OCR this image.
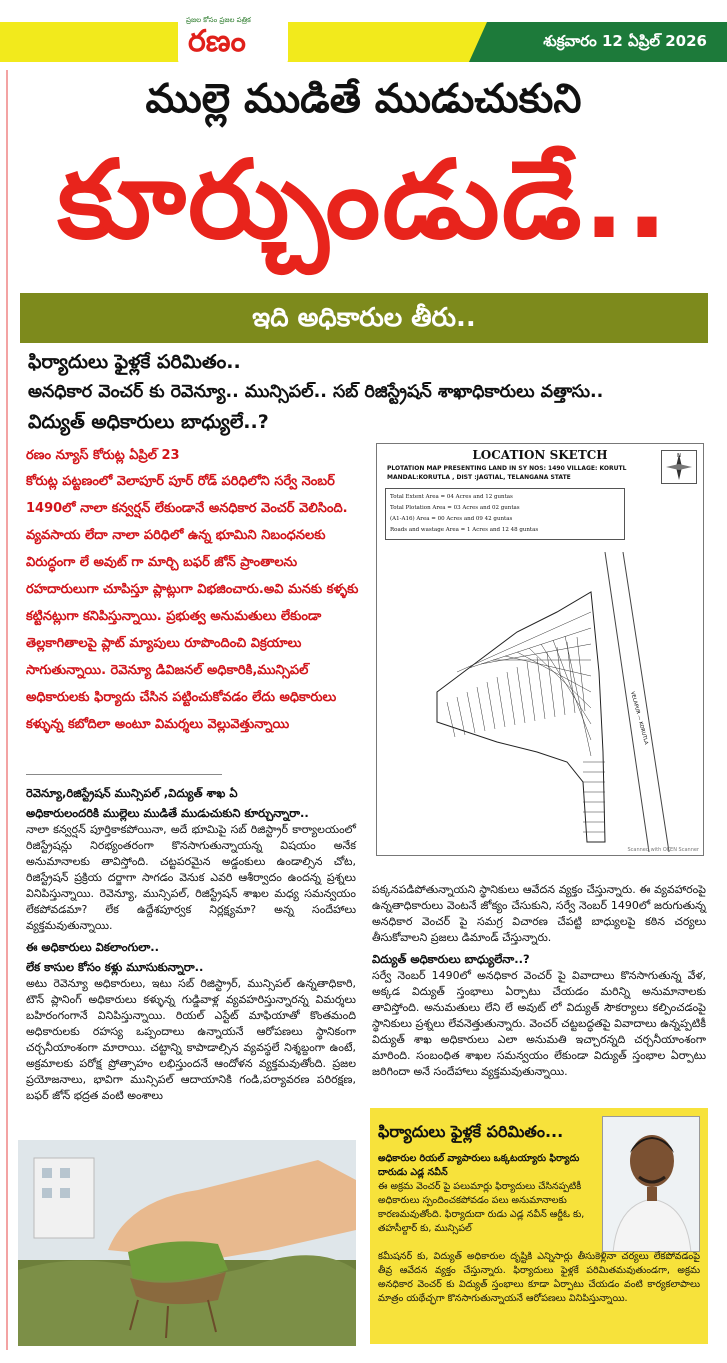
శుక్రవారం 12 ఏప్రిల్ 2026
ప్రజల కోసం ప్రజల పత్రిక
రణం
ముల్లె ముడితే ముడుచుకుని
కూర్చుండుడే..
ఇది అధికారుల తీరు..
ఫిర్యాదులు ఫైళ్లకే పరిమితం..
అనధికార వెంచర్ కు రెవెన్యూ.. మున్సిపల్.. సబ్ రిజిస్ట్రేషన్ శాఖాధికారులు వత్తాసు..
విద్యుత్ అధికారులు బాధ్యులే..?
రణం న్యూస్ కోరుట్ల ఏప్రిల్ 23
కోరుట్ల పట్టణంలో వెలాపూర్ పూర్ రోడ్ పరిధిలోని సర్వే నెంబర్ 1490లో నాలా కన్వర్షన్ లేకుండానే అనధికార వెంచర్ వెలిసింది. వ్యవసాయ లేదా నాలా పరిధిలో ఉన్న భూమిని నిబంధనలకు విరుద్ధంగా లే అవుట్ గా మార్చి బఫర్ జోన్ ప్రాంతాలను రహదారులుగా చూపిస్తూ ప్లాట్లుగా విభజించారు.అవి మనకు కళ్ళకు కట్టినట్లుగా కనిపిస్తున్నాయి. ప్రభుత్వ అనుమతులు లేకుండా తెల్లకాగితాలపై ప్లాట్ మ్యాపులు రూపొందించి విక్రయాలు సాగుతున్నాయి. రెవెన్యూ డివిజనల్ అధికారికి,మున్సిపల్ అధికారులకు ఫిర్యాదు చేసిన పట్టించుకోవడం లేదు అధికారులు కళ్ళున్న కబోదిలా అంటూ విమర్శలు వెల్లువెత్తున్నాయి
LOCATION SKETCH
PLOTATION MAP PRESENTING LAND IN SY NOS: 1490 VILLAGE: KORUTL MANDAL:KORUTLA , DIST :JAGTIAL, TELANGANA STATE
Total Extent Area = 04 Acres and 12 guntas
Total Plotation Area = 03 Acres and 02 guntas
(A1-A16) Area = 00 Acres and 09 42 guntas
Roads and wastage Area = 1 Acres and 12 48 guntas
N
VELAPUR — KORUTLA
Scanned with OKEN Scanner
రెవెన్యూ,రిజిస్ట్రేషన్ మున్సిపల్ ,విద్యుత్ శాఖ ఏ
అధికారులందరికి ముల్లెలు ముడితే ముడుచుకుని కూర్చున్నారా..

నాలా కన్వర్షన్ పూర్తికాకపోయినా, అదే భూమిపై సబ్ రిజిస్ట్రార్ కార్యాలయంలో రిజిస్ట్రేషన్లు నిరభ్యంతరంగా కొనసాగుతున్నాయన్న విషయం అనేక అనుమానాలకు తావిస్తోంది. చట్టపరమైన అడ్డంకులు ఉండాల్సిన చోట, రిజిస్ట్రేషన్ ప్రక్రియ దర్జాగా సాగడం వెనుక ఎవరి ఆశీర్వాదం ఉందన్న ప్రశ్నలు వినిపిస్తున్నాయి. రెవెన్యూ, మున్సిపల్, రిజిస్ట్రేషన్ శాఖల మధ్య సమన్వయం లేకపోవడమా? లేక ఉద్దేశపూర్వక నిర్లక్ష్యమా? అన్న సందేహాలు వ్యక్తమవుతున్నాయి.

ఈ అధికారులు వికలాంగులా..
లేక కాసుల కోసం కళ్లు మూసుకున్నారా..

అటు రెవెన్యూ అధికారులు, ఇటు సబ్ రిజిస్ట్రార్, మున్సిపల్ ఉన్నతాధికారి, టౌన్ ప్లానింగ్ అధికారులు కళ్ళున్న గుడ్డివాళ్ల వ్యవహరిస్తున్నారన్న విమర్శలు బహిరంగంగానే వినిపిస్తున్నాయి. రియల్ ఎస్టేట్ మాఫియాతో కొంతమంది అధికారులకు రహస్య ఒప్పందాలు ఉన్నాయనే ఆరోపణలు స్థానికంగా చర్చనీయాంశంగా మారాయి. చట్టాన్ని కాపాడాల్సిన వ్యవస్థలే నిశ్శబ్దంగా ఉంటే, అక్రమాలకు పరోక్ష ప్రోత్సాహం లభిస్తుందనే ఆందోళన వ్యక్తమవుతోంది. ప్రజల ప్రయోజనాలు, భావిగా మున్సిపల్ ఆదాయానికి గండి,పర్యావరణ పరిరక్షణ, బఫర్ జోన్ భద్రత వంటి అంశాలు

పక్కనపడిపోతున్నాయని స్థానికులు ఆవేదన వ్యక్తం చేస్తున్నారు. ఈ వ్యవహారంపై ఉన్నతాధికారులు వెంటనే జోక్యం చేసుకుని, సర్వే నెంబర్ 1490లో జరుగుతున్న అనధికార వెంచర్ పై సమగ్ర విచారణ చేపట్టి బాధ్యులపై కఠిన చర్యలు తీసుకోవాలని ప్రజలు డిమాండ్ చేస్తున్నారు.

విద్యుత్ అధికారులు బాధ్యులేనా..?

సర్వే నెంబర్ 1490లో అనధికార వెంచర్ పై వివాదాలు కొనసాగుతున్న వేళ, అక్కడ విద్యుత్ స్తంభాలు ఏర్పాటు చేయడం మరిన్ని అనుమానాలకు తావిస్తోంది. అనుమతులు లేని లే అవుట్ లో విద్యుత్ సౌకర్యాలు కల్పించడంపై స్థానికులు ప్రశ్నలు లేవనెత్తుతున్నారు. వెంచర్ చట్టబద్ధతపై వివాదాలు ఉన్నప్పటికీ విద్యుత్ శాఖ అధికారులు ఎలా అనుమతి ఇచ్చారన్నది చర్చనీయాంశంగా మారింది. సంబంధిత శాఖల సమన్వయం లేకుండా విద్యుత్ స్తంభాల ఏర్పాటు జరిగిందా అనే సందేహాలు వ్యక్తమవుతున్నాయి.

ఫిర్యాదులు ఫైళ్లకే పరిమితం...
అధికారుల రియల్ వ్యాపారులు ఒక్కటయ్యారు ఫిర్యాదు దారుడు ఎడ్ల నవీన్
ఈ అక్రమ వెంచర్ పై పలుమార్లు ఫిర్యాదులు చేసినప్పటికీ అధికారులు స్పందించకపోవడం పలు అనుమానాలకు కారణమవుతోంది. ఫిర్యాదుదా రుడు ఎడ్ల నవీన్ ఆర్డీఓ కు, తహసీల్దార్ కు, మున్సిపల్
కమీషనర్ కు, విద్యుత్ అధికారుల దృష్టికి ఎన్నిసార్లు తీసుకెళ్లినా చర్యలు లేకపోవడంపై తీవ్ర ఆవేదన వ్యక్తం చేస్తున్నారు. ఫిర్యాదులు ఫైళ్లకే పరిమితమవుతుండగా, అక్రమ అనధికార వెంచర్ కు విద్యుత్ స్తంభాలు కూడా ఏర్పాటు చేయడం వంటి కార్యకలాపాలు మాత్రం యథేచ్ఛగా కొనసాగుతున్నాయనే ఆరోపణలు వినిపిస్తున్నాయి.
